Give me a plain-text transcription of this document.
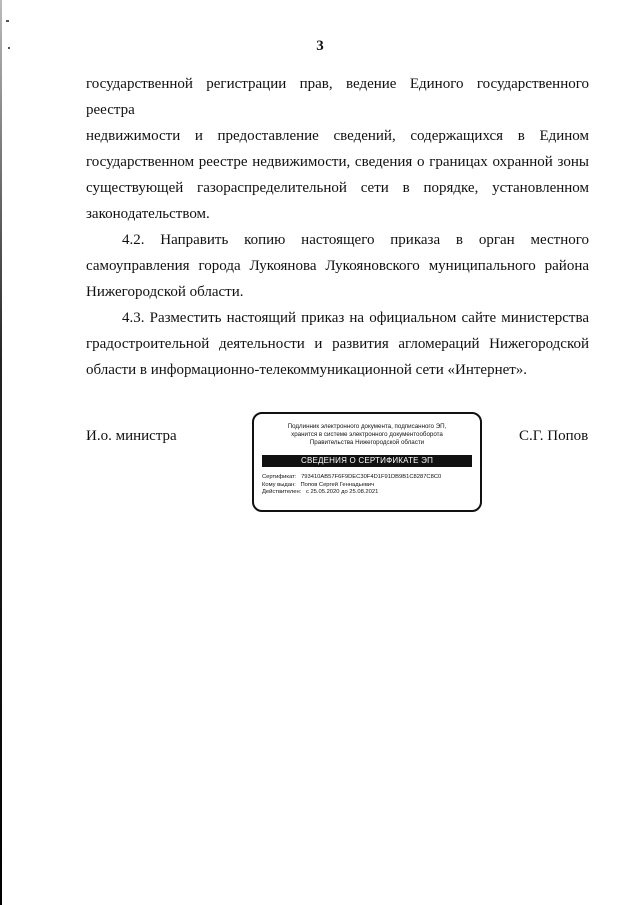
3

государственной регистрации прав, ведение Единого государственного реестра
недвижимости и предоставление сведений, содержащихся в Едином
государственном реестре недвижимости, сведения о границах охранной зоны
существующей газораспределительной сети в порядке, установленном
законодательством.

4.2. Направить копию настоящего приказа в орган местного

самоуправления города Лукоянова Лукояновского муниципального района
Нижегородской области.

4.3. Разместить настоящий приказ на официальном сайте министерства

градостроительной деятельности и развития агломераций Нижегородской
области в информационно-телекоммуникационной сети «Интернет».

И.о. министра
Подлинник электронного документа, подписанного ЭП,
хранится в системе электронного документооборота
Правительства Нижегородской области
СВЕДЕНИЯ О СЕРТИФИКАТЕ ЭП
Сертификат: 793410AB57F6F9DEC30F4D1F91DB9B1C8287C8C0
Кому выдан: Попов Сергей Геннадьевич
Действителен: с 25.05.2020 до 25.08.2021
С.Г. Попов
